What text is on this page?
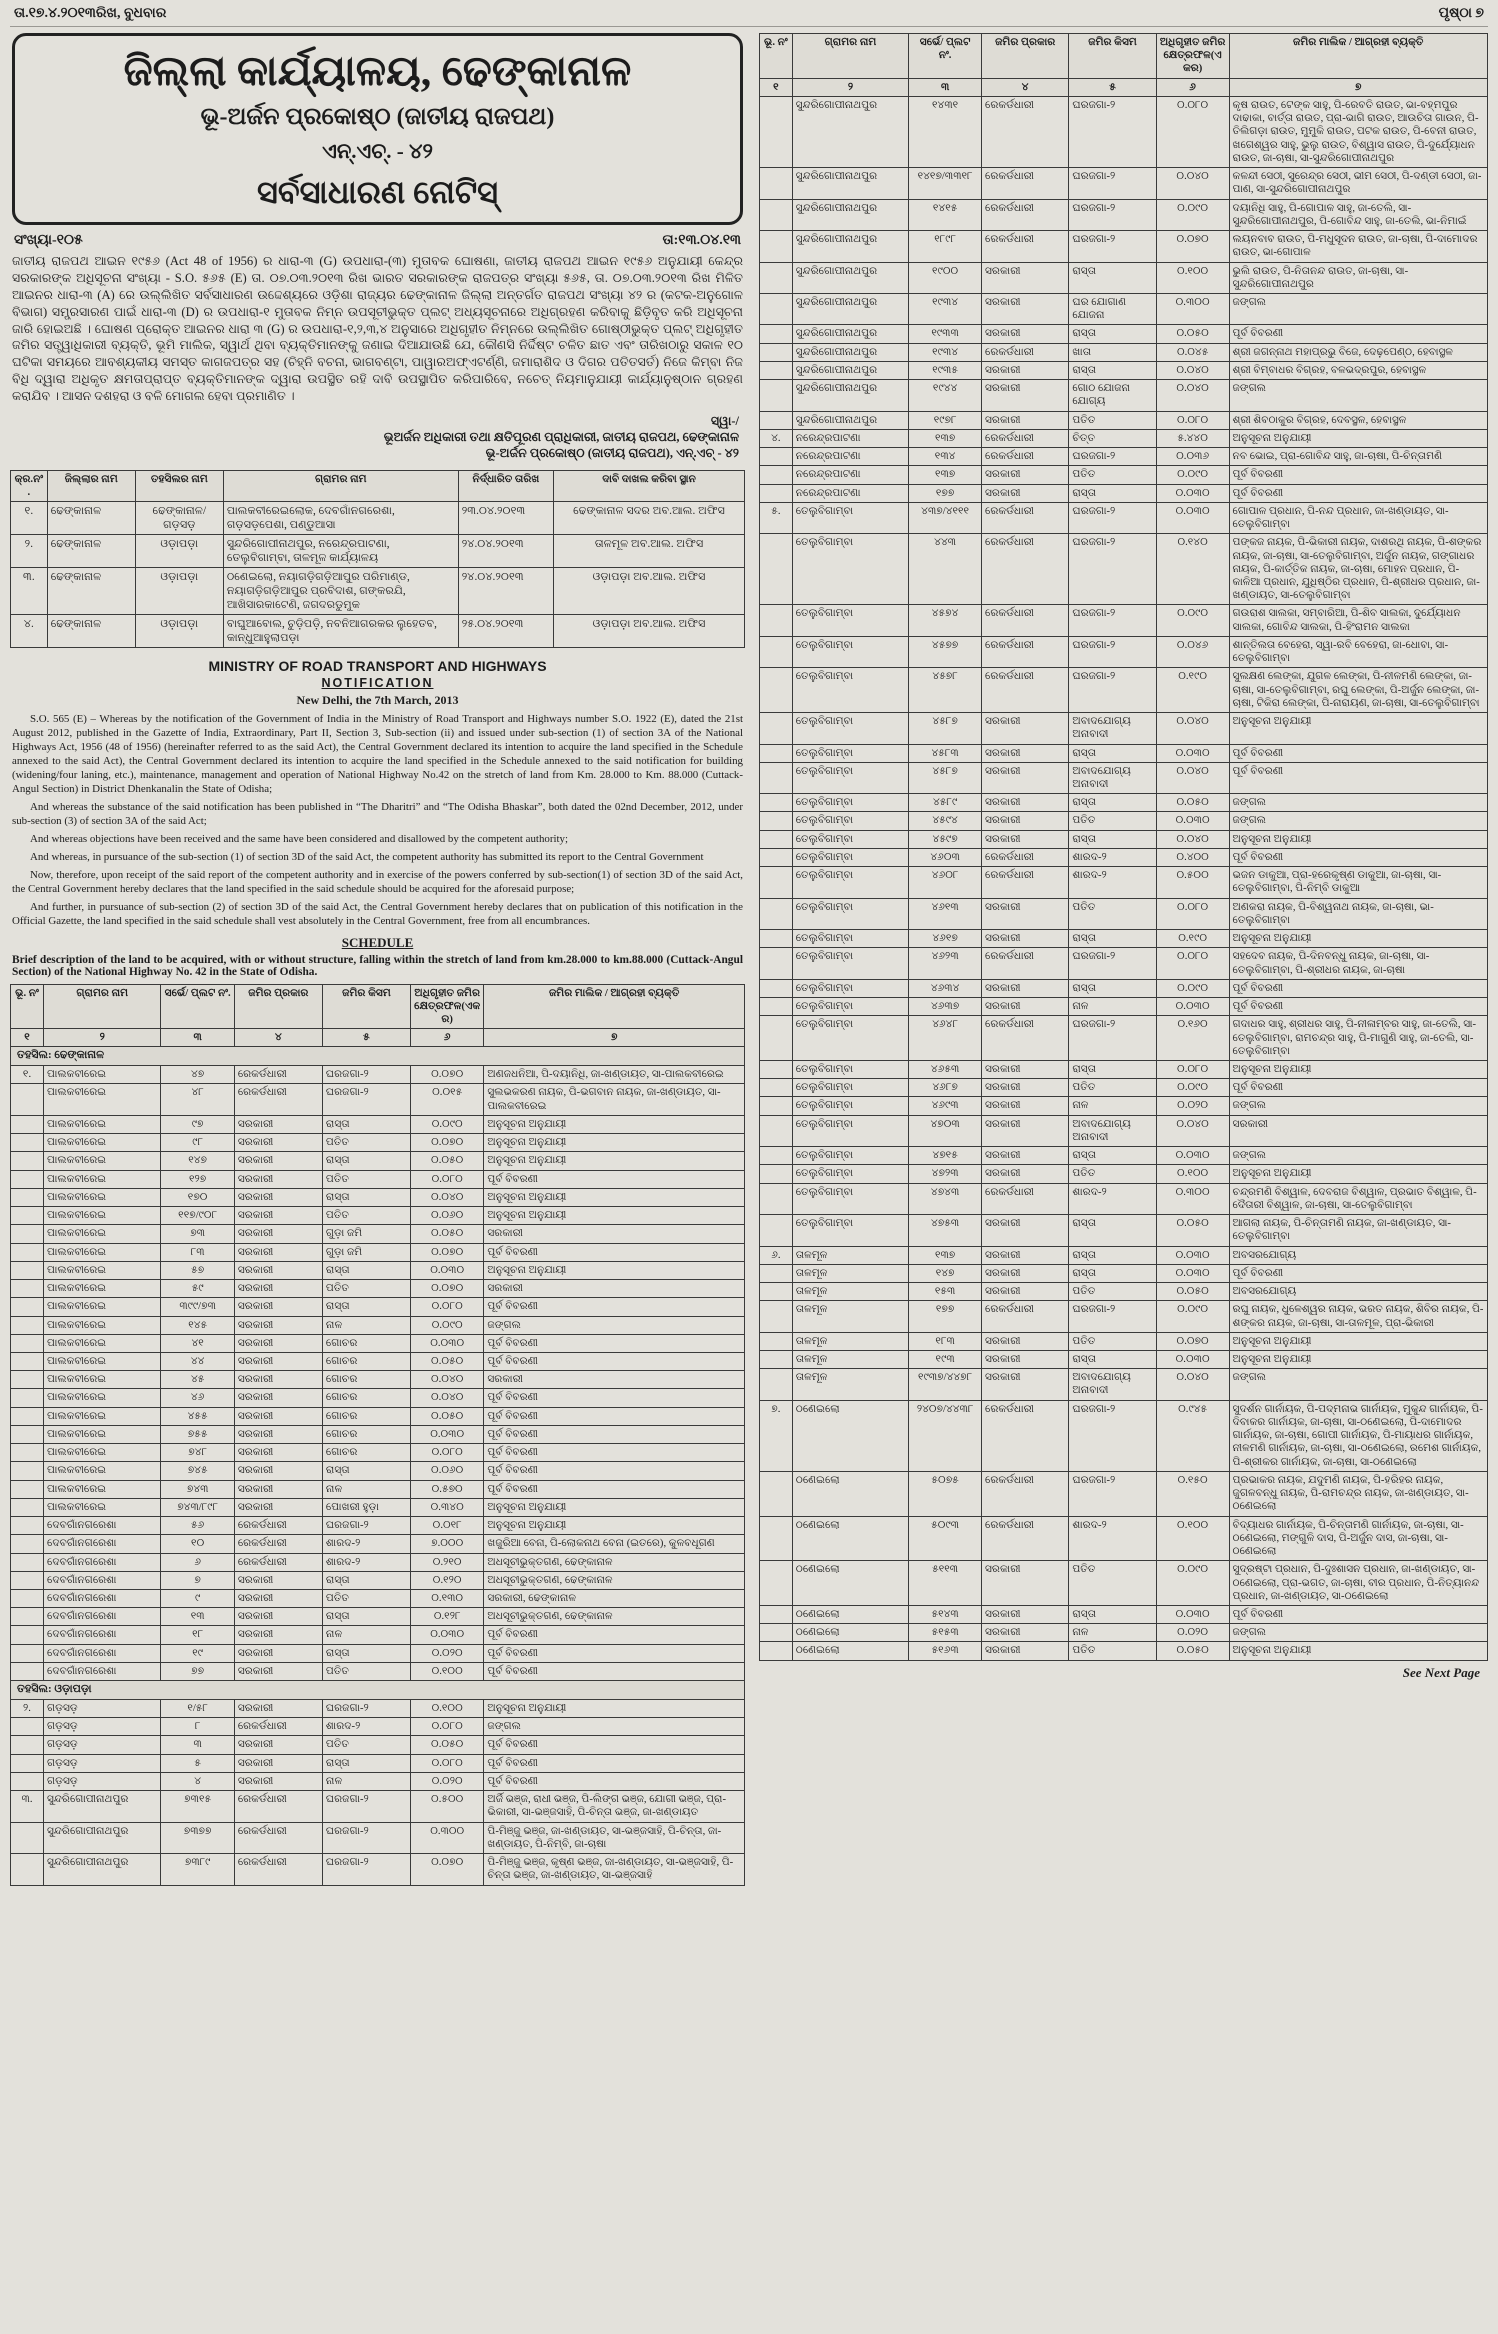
ତା.୧୭.୪.୨୦୧୩ରିଖ, ବୁଧବାର	ପୃଷ୍ଠା ୭
ଜିଲ୍ଲା କାର୍ଯ୍ୟାଳୟ, ଢେଙ୍କାନାଳ
ଭୂ-ଅର୍ଜନ ପ୍ରକୋଷ୍ଠ (ଜାତୀୟ ରାଜପଥ)
ଏନ୍.ଏଚ୍. - ୪୨
ସର୍ବସାଧାରଣ ନୋଟିସ୍
ସଂଖ୍ୟା-୧୦୫	ତା:୧୩.୦୪.୧୩

ଜାତୀୟ ରାଜପଥ ଆଇନ ୧୯୫୬ (Act 48 of 1956) ର ଧାରା-୩ (G) ଉପଧାରା-(୩) ମୁତାବକ ଘୋଷଣା, ଜାତୀୟ ରାଜପଥ ଆଇନ ୧୯୫୬ ଅନୁଯାୟୀ କେନ୍ଦ୍ର ସରକାରଙ୍କ ଅଧିସୂଚନା ସଂଖ୍ୟା - S.O. ୫୬୫ (E) ତା. ୦୭.୦୩.୨୦୧୩ ରିଖ ଭାରତ ସରକାରଙ୍କ ରାଜପତ୍ର ସଂଖ୍ୟା ୫୬୫, ତା. ୦୭.୦୩.୨୦୧୩ ରିଖ ମିଳିତ ଆଇନର ଧାରା-୩ (A) ରେ ଉଲ୍ଲିଖିତ ସର୍ବସାଧାରଣ ଉଦ୍ଦେଶ୍ୟରେ ଓଡ଼ିଶା ରାଜ୍ୟର ଢେଙ୍କାନାଳ ଜିଲ୍ଲା ଅନ୍ତର୍ଗତ ରାଜପଥ ସଂଖ୍ୟା ୪୨ ର (କଟକ-ଅନୁଗୋଳ ବିଭାଗ) ସମ୍ପ୍ରସାରଣ ପାଇଁ ଧାରା-୩ (D) ର ଉପଧାରା-୧ ମୁତାବକ ନିମ୍ନ ଉପସୂଚୀଭୁକ୍ତ ପ୍ଲଟ୍ ଅଧ୍ୟସୂଚନାରେ ଅଧିଗ୍ରହଣ କରିବାକୁ ଛିଡ଼ିବୃତ କରି ଅଧିସୂଚନା ଜାରି ହୋଇଅଛି । ଘୋଷଣ ପ୍ରୋକ୍ତ ଆଇନର ଧାରା ୩ (G) ର ଉପଧାରା-୧,୨,୩,୪ ଅନୁସାରେ ଅଧିଗୃହୀତ ନିମ୍ନରେ ଉଲ୍ଲିଖିତ ଗୋଷ୍ଠୀଭୁକ୍ତ ପ୍ଲଟ୍ ଅଧିଗୃହୀତ ଜମିର ସତ୍ତ୍ୱାଧିକାରୀ ବ୍ୟକ୍ତି, ଭୂମି ମାଲିକ, ସ୍ୱାର୍ଥ ଥିବା ବ୍ୟକ୍ତିମାନଙ୍କୁ ଜଣାଇ ଦିଆଯାଉଛି ଯେ, କୌଣସି ନିର୍ଦ୍ଦିଷ୍ଟ ଚଳିତ ଛାତ ଏବଂ ତାରିଖଠାରୁ ସକାଳ ୧୦ ଘଟିକା ସମୟରେ ଆବଶ୍ୟକୀୟ ସମସ୍ତ କାଗଜପତ୍ର ସହ (ଚିହ୍ନି ବଚନା, ଭାଗବଣ୍ଟା, ପାୱାରଅଫ୍‌ଏଟର୍ଣ୍ଣି, ଜମାରାଶିଦ ଓ ଦିଗର ପତିତସର୍ତ) ନିଜେ କିମ୍ବା ନିଜ ବିଧି ଦ୍ୱାରା ଅଧିକୃତ କ୍ଷମତାପ୍ରାପ୍ତ ବ୍ୟକ୍ତିମାନଙ୍କ ଦ୍ୱାରା ଉପସ୍ଥିତ ରହି ଦାବି ଉପସ୍ଥାପିତ କରିପାରିବେ, ନଚେତ୍ ନିୟମାନୁଯାୟୀ କାର୍ଯ୍ୟାନୁଷ୍ଠାନ ଗ୍ରହଣ କରାଯିବ । ଆସନ ଦଶହରା ଓ ବଳି ମୋଗଲ ହେବା ପ୍ରମାଣିତ ।

ସ୍ୱା-/
ଭୂଅର୍ଜନ ଅଧିକାରୀ ତଥା କ୍ଷତିପୂରଣ ପ୍ରାଧିକାରୀ, ଜାତୀୟ ରାଜପଥ, ଢେଙ୍କାନାଳ
ଭୂ-ଅର୍ଜନ ପ୍ରକୋଷ୍ଠ (ଜାତୀୟ ରାଜପଥ), ଏନ୍.ଏଚ୍ - ୪୨
କ୍ର.ନଂ.	ଜିଲ୍ଲାର ନାମ	ତହସିଲର ନାମ	ଗ୍ରାମର ନାମ	ନିର୍ଦ୍ଧାରିତ ତାରିଖ	ଦାବି ଦାଖଲ କରିବା ସ୍ଥାନ
୧.	ଢେଙ୍କାନାଳ	ଢେଙ୍କାନାଳ/ ଗଡ଼ସଡ଼	ପାଲକବୀରେଇଲୋକ, ଦେବଗାଁନଗରେଶା, ଗଡ଼ସଡ଼ପେଶା, ପଣ୍ଡୁଆସା	୨୩.୦୪.୨୦୧୩	ଢେଙ୍କାନାଳ ସଦର ଅବ.ଆଲ. ଅଫିସ
୨.	ଢେଙ୍କାନାଳ	ଓଡ଼ାପଡ଼ା	ସୁନ୍ଦରିଗୋପୀନାଥପୁର, ନରେନ୍ଦ୍ରପାଟଣା, ତେଲୁବିଗାମ୍ବା, ତାଳମୂଳ କାର୍ଯ୍ୟାଳୟ	୨୪.୦୪.୨୦୧୩	ତାଳମୂଳ ଅବ.ଆଲ. ଅଫିସ
୩.	ଢେଙ୍କାନାଳ	ଓଡ଼ାପଡ଼ା	ଠଣେଇଲୋ, ନୟାଗଡ଼ିଗଡ଼ିଆପୁର ପରିମାଣ୍ଡ, ନୟାଗଡ଼ିଗଡ଼ିଆପୁର ପ୍ରବିଦାଶ, ଗଙ୍କରଯି, ଆଖିସାରକାଟେଣି, ଜଗଦରଡୁମୁକ	୨୪.୦୪.୨୦୧୩	ଓଡ଼ାପଡ଼ା ଅବ.ଆଲ. ଅଫିସ
୪.	ଢେଙ୍କାନାଳ	ଓଡ଼ାପଡ଼ା	ବାଘୁଆବୋଲ, ଚୁଡ଼ିପଡ଼ି, ନବନିଆଗରକର ଲୁହେତବ, କାନ୍ଧୁଆହୁଲାପଡ଼ା	୨୫.୦୪.୨୦୧୩	ଓଡ଼ାପଡ଼ା ଅବ.ଆଲ. ଅଫିସ
MINISTRY OF ROAD TRANSPORT AND HIGHWAYS
NOTIFICATION
New Delhi, the 7th March, 2013

S.O. 565 (E) – Whereas by the notification of the Government of India in the Ministry of Road Transport and Highways number S.O. 1922 (E), dated the 21st August 2012, published in the Gazette of India, Extraordinary, Part II, Section 3, Sub-section (ii) and issued under sub-section (1) of section 3A of the National Highways Act, 1956 (48 of 1956) (hereinafter referred to as the said Act), the Central Government declared its intention to acquire the land specified in the Schedule annexed to the said Act), the Central Government declared its intention to acquire the land specified in the Schedule annexed to the said notification for building (widening/four laning, etc.), maintenance, management and operation of National Highway No.42 on the stretch of land from Km. 28.000 to Km. 88.000 (Cuttack-Angul Section) in District Dhenkanalin the State of Odisha;

And whereas the substance of the said notification has been published in “The Dharitri” and “The Odisha Bhaskar”, both dated the 02nd December, 2012, under sub-section (3) of section 3A of the said Act;

And whereas objections have been received and the same have been considered and disallowed by the competent authority;

And whereas, in pursuance of the sub-section (1) of section 3D of the said Act, the competent authority has submitted its report to the Central Government

Now, therefore, upon receipt of the said report of the competent authority and in exercise of the powers conferred by sub-section(1) of section 3D of the said Act, the Central Government hereby declares that the land specified in the said schedule should be acquired for the aforesaid purpose;

And further, in pursuance of sub-section (2) of section 3D of the said Act, the Central Government hereby declares that on publication of this notification in the Official Gazette, the land specified in the said schedule shall vest absolutely in the Central Government, free from all encumbrances.

SCHEDULE
Brief description of the land to be acquired, with or without structure, falling within the stretch of land from km.28.000 to km.88.000 (Cuttack-Angul Section) of the National Highway No. 42 in the State of Odisha.
ଭୂ. ନଂ	ଗ୍ରାମର ନାମ	ସର୍ଭେ/ ପ୍ଲଟ ନଂ.	ଜମିର ପ୍ରକାର	ଜମିର କିସମ	ଅଧିଗୃହୀତ ଜମିର କ୍ଷେତ୍ରଫଳ(ଏକର)	ଜମିର ମାଲିକ / ଆଗ୍ରହୀ ବ୍ୟକ୍ତି
୧	୨	୩	୪	୫	୬	୭
ତହସିଲ: ଢେଙ୍କାନାଳ						
୧.	ପାଲକବୀରେଇ	୪୭	ରେକର୍ଡଧାରୀ	ଘରଜଗା-୨	୦.୦୭୦	ଅଣଜଧନିଆ, ପି-ଦୟାନିଧି, ଜା-ଖଣ୍ଡାୟତ, ସା-ପାଲକବୀରେଇ
	ପାଲକବୀରେଇ	୪୮	ରେକର୍ଡଧାରୀ	ଘରଜଗା-୨	୦.୦୧୫	ସୁଲଭକରଣ ନାୟକ, ପି-ଭଗବାନ ନାୟକ, ଜା-ଖଣ୍ଡାୟତ, ସା-ପାଲକବୀରେଇ
	ପାଲକବୀରେଇ	୯୭	ସରକାରୀ	ରାସ୍ତା	୦.୦୯୦	ଅନୁସୂଚନା ଅନୁଯାୟୀ
	ପାଲକବୀରେଇ	୯୮	ସରକାରୀ	ପତିତ	୦.୦୭୦	ଅନୁସୂଚନା ଅନୁଯାୟୀ
	ପାଲକବୀରେଇ	୧୪୭	ସରକାରୀ	ରାସ୍ତା	୦.୦୫୦	ଅନୁସୂଚନା ଅନୁଯାୟୀ
	ପାଲକବୀରେଇ	୧୨୭	ସରକାରୀ	ପତିତ	୦.୦୮୦	ପୂର୍ବ ବିବରଣୀ
	ପାଲକବୀରେଇ	୧୭୦	ସରକାରୀ	ରାସ୍ତା	୦.୦୪୦	ଅନୁସୂଚନା ଅନୁଯାୟୀ
	ପାଲକବୀରେଇ	୧୧୭/୯୦୮	ସରକାରୀ	ପତିତ	୦.୦୬୦	ଅନୁସୂଚନା ଅନୁଯାୟୀ
	ପାଲକବୀରେଇ	୭୩	ସରକାରୀ	ଗୁଡ଼ା ଜମି	୦.୦୫୦	ସରକାରୀ
	ପାଲକବୀରେଇ	୮୩	ସରକାରୀ	ଗୁଡ଼ା ଜମି	୦.୦୭୦	ପୂର୍ବ ବିବରଣୀ
	ପାଲକବୀରେଇ	୫୭	ସରକାରୀ	ରାସ୍ତା	୦.୦୩୦	ଅନୁସୂଚନା ଅନୁଯାୟୀ
	ପାଲକବୀରେଇ	୫୯	ସରକାରୀ	ପତିତ	୦.୦୭୦	ସରକାରୀ
	ପାଲକବୀରେଇ	୩୯୯/୭୩	ସରକାରୀ	ରାସ୍ତା	୦.୦୮୦	ପୂର୍ବ ବିବରଣୀ
	ପାଲକବୀରେଇ	୧୪୫	ସରକାରୀ	ନାଳ	୦.୦୯୦	ଜଙ୍ଗଲ
	ପାଲକବୀରେଇ	୪୧	ସରକାରୀ	ଗୋଚର	୦.୦୩୦	ପୂର୍ବ ବିବରଣୀ
	ପାଲକବୀରେଇ	୪୪	ସରକାରୀ	ଗୋଚର	୦.୦୫୦	ପୂର୍ବ ବିବରଣୀ
	ପାଲକବୀରେଇ	୪୫	ସରକାରୀ	ଗୋଚର	୦.୦୪୦	ସରକାରୀ
	ପାଲକବୀରେଇ	୪୬	ସରକାରୀ	ଗୋଚର	୦.୦୪୦	ପୂର୍ବ ବିବରଣୀ
	ପାଲକବୀରେଇ	୪୫୫	ସରକାରୀ	ଗୋଚର	୦.୦୫୦	ପୂର୍ବ ବିବରଣୀ
	ପାଲକବୀରେଇ	୭୫୫	ସରକାରୀ	ଗୋଚର	୦.୦୩୦	ପୂର୍ବ ବିବରଣୀ
	ପାଲକବୀରେଇ	୭୪୮	ସରକାରୀ	ଗୋଚର	୦.୦୮୦	ପୂର୍ବ ବିବରଣୀ
	ପାଲକବୀରେଇ	୭୪୫	ସରକାରୀ	ରାସ୍ତା	୦.୦୬୦	ପୂର୍ବ ବିବରଣୀ
	ପାଲକବୀରେଇ	୭୪୩	ସରକାରୀ	ନାଳ	୦.୫୭୦	ପୂର୍ବ ବିବରଣୀ
	ପାଲକବୀରେଇ	୭୪୩/୮୯୮	ସରକାରୀ	ପୋଖରୀ ହୁଡ଼ା	୦.୩୪୦	ଅନୁସୂଚନା ଅନୁଯାୟୀ
	ଦେବଗାଁନଗରେଶା	୫୬	ରେକର୍ଡଧାରୀ	ଘରଜଗା-୨	୦.୦୧୮	ଅନୁସୂଚନା ଅନୁଯାୟୀ
	ଦେବଗାଁନଗରେଶା	୧୦	ରେକର୍ଡଧାରୀ	ଶାରଦ-୨	୭.୦୦୦	ଖଜୁରିଆ ବେନା, ପି-ଲୋକନାଥ ବେନା (ଇତରେ), କୁଳବଧୂଗଣ
	ଦେବଗାଁନଗରେଶା	୬	ରେକର୍ଡଧାରୀ	ଶାରଦ-୨	୦.୨୧୦	ଅଧସୂଚୀଭୁକ୍ତଗଣ, ଢେଙ୍କାନାଳ
	ଦେବଗାଁନଗରେଶା	୭	ସରକାରୀ	ରାସ୍ତା	୦.୧୨୦	ଅଧସୂଚୀଭୁକ୍ତଗଣ, ଢେଙ୍କାନାଳ
	ଦେବଗାଁନଗରେଶା	୯	ସରକାରୀ	ପତିତ	୦.୧୩୦	ସରକାରୀ, ଢେଙ୍କାନାଳ
	ଦେବଗାଁନଗରେଶା	୧୩	ସରକାରୀ	ରାସ୍ତା	୦.୧୨୮	ଅଧସୂଚୀଭୁକ୍ତଗଣ, ଢେଙ୍କାନାଳ
	ଦେବଗାଁନଗରେଶା	୧୮	ସରକାରୀ	ନାଳ	୦.୦୩୦	ପୂର୍ବ ବିବରଣୀ
	ଦେବଗାଁନଗରେଶା	୧୯	ସରକାରୀ	ରାସ୍ତା	୦.୦୨୦	ପୂର୍ବ ବିବରଣୀ
	ଦେବଗାଁନଗରେଶା	୭୭	ସରକାରୀ	ପତିତ	୦.୧୦୦	ପୂର୍ବ ବିବରଣୀ
ତହସିଲ: ଓଡ଼ାପଡ଼ା						
୨.	ଗଡ଼ସଡ଼	୧/୫୮	ସରକାରୀ	ଘରଜଗା-୨	୦.୧୦୦	ଅନୁସୂଚନା ଅନୁଯାୟୀ
	ଗଡ଼ସଡ଼	୮	ରେକର୍ଡଧାରୀ	ଶାରଦ-୨	୦.୦୮୦	ଜଙ୍ଗଲ
	ଗଡ଼ସଡ଼	୩	ସରକାରୀ	ପତିତ	୦.୦୫୦	ପୂର୍ବ ବିବରଣୀ
	ଗଡ଼ସଡ଼	୫	ସରକାରୀ	ରାସ୍ତା	୦.୦୮୦	ପୂର୍ବ ବିବରଣୀ
	ଗଡ଼ସଡ଼	୪	ସରକାରୀ	ନାଳ	୦.୦୨୦	ପୂର୍ବ ବିବରଣୀ
୩.	ସୁନ୍ଦରିଗୋପୀନାଥପୁର	୭୩୧୫	ରେକର୍ଡଧାରୀ	ଘରଜଗା-୨	୦.୫୦୦	ଅର୍ଜି ଭଞ୍ଜ, ରାଧୀ ଭଞ୍ଜ, ପି-ଲିଙ୍ଗ ଭଞ୍ଜ, ଯୋଗୀ ଭଞ୍ଜ, ପ୍ରା-ଭିକାରୀ, ସା-ଭଞ୍ଜସାହି, ପି-ଚିନ୍ତା ଭଞ୍ଜ, ଜା-ଖଣ୍ଡାୟତ
	ସୁନ୍ଦରିଗୋପୀନାଥପୁର	୭୩୭୭	ରେକର୍ଡଧାରୀ	ଘରଜଗା-୨	୦.୩୦୦	ପି-ମିଞ୍ଜୁ ଭଞ୍ଜ, ଜା-ଖଣ୍ଡାୟତ, ସା-ଭଞ୍ଜସାହି, ପି-ଚିନ୍ତା, ଜା-ଖଣ୍ଡାୟତ, ପି-ନିମ୍ବି, ଜା-ଚାଷା
	ସୁନ୍ଦରିଗୋପୀନାଥପୁର	୭୩୮୯	ରେକର୍ଡଧାରୀ	ଘରଜଗା-୨	୦.୦୭୦	ପି-ମିଞ୍ଜୁ ଭଞ୍ଜ, କୃଷ୍ଣ ଭଞ୍ଜ, ଜା-ଖଣ୍ଡାୟତ, ସା-ଭଞ୍ଜସାହି, ପି-ଚିନ୍ତା ଭଞ୍ଜ, ଜା-ଖଣ୍ଡାୟତ, ସା-ଭଞ୍ଜସାହି
ଭୂ. ନଂ	ଗ୍ରାମର ନାମ	ସର୍ଭେ/ ପ୍ଲଟ ନଂ.	ଜମିର ପ୍ରକାର	ଜମିର କିସମ	ଅଧିଗୃହୀତ ଜମିର କ୍ଷେତ୍ରଫଳ(ଏକର)	ଜମିର ମାଲିକ / ଆଗ୍ରହୀ ବ୍ୟକ୍ତି
୧	୨	୩	୪	୫	୬	୭
	ସୁନ୍ଦରିଗୋପୀନାଥପୁର	୧୪୩୧	ରେକର୍ଡଧାରୀ	ଘରଜଗା-୨	୦.୦୮୦	କୃଷ ରାଉତ, ଟେଙ୍କ ସାହୁ, ପି-ରେବତି ରାଉତ, ଭା-ବହ୍ମପୁର ଦାଢାକା, ବାର୍ତ୍ତା ରାଉତ, ପ୍ରା-ଭାଗି ରାଉତ, ଆଉଚିତା ଗାଉନ, ପି-ତିଲିଗଡ଼ା ରାଉତ, ମୁମୁକି ରାଉତ, ପଟକ ରାଉତ, ପି-ବେନୀ ରାଉତ, ଖଗେଶ୍ୱର ସାହୁ, ଭୁଲୁ ରାଉତ, ବିଶ୍ୱାସ ରାଉତ, ପି-ଦୁର୍ଯ୍ୟୋଧନ ରାଉତ, ଜା-ଚାଷା, ସା-ସୁନ୍ଦରିଗୋପୀନାଥପୁର
	ସୁନ୍ଦରିଗୋପୀନାଥପୁର	୧୪୧୭/୩୩୧୮	ରେକର୍ଡଧାରୀ	ଘରଜଗା-୨	୦.୦୪୦	କଳନ୍ଦୀ ସେଠୀ, ସୁରେନ୍ଦ୍ର ସେଠୀ, ଭୀମ ସେଠୀ, ପି-ଦଣ୍ଡୀ ସେଠୀ, ଜା-ପାଣ, ସା-ସୁନ୍ଦରିଗୋପୀନାଥପୁର
	ସୁନ୍ଦରିଗୋପୀନାଥପୁର	୧୪୧୫	ରେକର୍ଡଧାରୀ	ଘରଜଗା-୨	୦.୦୯୦	ଦୟାନିଧି ସାହୁ, ପି-ଗୋପାଳ ସାହୁ, ଜା-ତେଲି, ସା-ସୁନ୍ଦରିଗୋପୀନାଥପୁର, ପି-ଗୋବିନ୍ଦ ସାହୁ, ଜା-ତେଲି, ଭା-ନିମାଇଁ
	ସୁନ୍ଦରିଗୋପୀନାଥପୁର	୧୮୯୮	ରେକର୍ଡଧାରୀ	ଘରଜଗା-୨	୦.୦୭୦	ଲୟନବାବ ରାଉତ, ପି-ମଧୁସୂଦନ ରାଉତ, ଜା-ଚାଷା, ପି-ଦାମୋଦର ରାଉତ, ଭା-ଗୋପାଳ
	ସୁନ୍ଦରିଗୋପୀନାଥପୁର	୧୯୦୦	ସରକାରୀ	ରାସ୍ତା	୦.୧୦୦	ଭୁଲି ରାଉତ, ପି-ନିତାନନ୍ଦ ରାଉତ, ଜା-ଚାଷା, ସା-ସୁନ୍ଦରିଗୋପୀନାଥପୁର
	ସୁନ୍ଦରିଗୋପୀନାଥପୁର	୧୯୩୪	ସରକାରୀ	ଘର ଯୋଗାଣ ଯୋଜନା	୦.୩୦୦	ଜଙ୍ଗଲ
	ସୁନ୍ଦରିଗୋପୀନାଥପୁର	୧୯୩୩	ସରକାରୀ	ରାସ୍ତା	୦.୦୫୦	ପୂର୍ବ ବିବରଣୀ
	ସୁନ୍ଦରିଗୋପୀନାଥପୁର	୧୯୩୪	ରେକର୍ଡଧାରୀ	ଖାତା	୦.୦୪୫	ଶ୍ରୀ ଜଗନ୍ନାଥ ମହାପ୍ରଭୁ ବିଜେ, ଦେଢ଼ପେଣ୍ଠ, ହେବାସ୍ଥଳ
	ସୁନ୍ଦରିଗୋପୀନାଥପୁର	୧୯୩୫	ସରକାରୀ	ରାସ୍ତା	୦.୦୪୦	ଶ୍ରୀ ବିମ୍ବାଧର ବିଗ୍ରହ, ବଳଭଦ୍ରପୁର, ହେବାସ୍ଥଳ
	ସୁନ୍ଦରିଗୋପୀନାଥପୁର	୧୯୪୪	ସରକାରୀ	ଗୋଠ ଯୋଜନା ଯୋଗ୍ୟ	୦.୦୪୦	ଜଙ୍ଗଲ
	ସୁନ୍ଦରିଗୋପୀନାଥପୁର	୧୯୭୮	ସରକାରୀ	ପତିତ	୦.୦୮୦	ଶ୍ରୀ ଶିବଠାକୁର ବିଗ୍ରହ, ଦେବସ୍ଥଳ, ହେବାସ୍ଥଳ
୪.	ନରେନ୍ଦ୍ରପାଟଣା	୧୩୭	ରେକର୍ଡଧାରୀ	ଚିତ୍ତ	୫.୪୪୦	ଅନୁସୂଚନା ଅନୁଯାୟୀ
	ନରେନ୍ଦ୍ରପାଟଣା	୧୩୪	ରେକର୍ଡଧାରୀ	ଘରଜଗା-୨	୦.୦୩୬	ନବ ଭୋଇ, ପ୍ରା-ଗୋବିନ୍ଦ ସାହୁ, ଜା-ଚାଷା, ପି-ଚିନ୍ତାମଣି
	ନରେନ୍ଦ୍ରପାଟଣା	୧୩୭	ସରକାରୀ	ପତିତ	୦.୦୯୦	ପୂର୍ବ ବିବରଣୀ
	ନରେନ୍ଦ୍ରପାଟଣା	୧୭୭	ସରକାରୀ	ରାସ୍ତା	୦.୦୩୦	ପୂର୍ବ ବିବରଣୀ
୫.	ତେଲୁବିଗାମ୍ବା	୪୩୭/୪୧୧୧	ରେକର୍ଡଧାରୀ	ଘରଜଗା-୨	୦.୦୩୦	ଗୋପାଳ ପ୍ରଧାନ, ପି-ନନ୍ଦ ପ୍ରଧାନ, ଜା-ଖଣ୍ଡାୟତ, ସା-ତେଲୁବିଗାମ୍ବା
	ତେଲୁବିଗାମ୍ବା	୪୪୩	ରେକର୍ଡଧାରୀ	ଘରଜଗା-୨	୦.୧୪୦	ପଙ୍କଜ ନାୟକ, ପି-ଭିକାରୀ ନାୟକ, ଦାଶରଥି ନାୟକ, ପି-ଶଙ୍କର ନାୟକ, ଜା-ଚାଷା, ସା-ତେଲୁବିଗାମ୍ବା, ଅର୍ଜୁନ ନାୟକ, ଗଙ୍ଗାଧର ନାୟକ, ପି-କାର୍ତ୍ତିକ ନାୟକ, ଜା-ଚାଷା, ମୋହନ ପ୍ରଧାନ, ପି-କାଳିଆ ପ୍ରଧାନ, ଯୁଧିଷ୍ଠିର ପ୍ରଧାନ, ପି-ଶ୍ରୀଧର ପ୍ରଧାନ, ଜା-ଖଣ୍ଡାୟତ, ସା-ତେଲୁବିଗାମ୍ବା
	ତେଲୁବିଗାମ୍ବା	୪୫୭୪	ରେକର୍ଡଧାରୀ	ଘରଜଗା-୨	୦.୦୯୦	ଗଉରାଶ ସାଲକା, ସମ୍ବାରିଆ, ପି-ଶିବ ସାଲକା, ଦୁର୍ଯ୍ୟୋଧନ ସାଲକା, ଗୋବିନ୍ଦ ସାଲକା, ପି-ହିଂରାମନ ସାଲକା
	ତେଲୁବିଗାମ୍ବା	୪୫୭୭	ରେକର୍ଡଧାରୀ	ଘରଜଗା-୨	୦.୦୪୬	ଶାନ୍ତିଲତା ବେହେରା, ସ୍ୱା-ରବି ବେହେରା, ଜା-ଧୋବା, ସା-ତେଲୁବିଗାମ୍ବା
	ତେଲୁବିଗାମ୍ବା	୪୫୭୮	ରେକର୍ଡଧାରୀ	ଘରଜଗା-୨	୦.୧୯୦	ସୁଲକ୍ଷଣ ଲେଙ୍କା, ଯୁଗଳ ଲେଙ୍କା, ପି-ନୀଳମଣି ଲେଙ୍କା, ଜା-ଚାଷା, ସା-ତେଲୁବିଗାମ୍ବା, ରଘୁ ଲେଙ୍କା, ପି-ଅର୍ଜୁନ ଲେଙ୍କା, ଜା-ଚାଷା, ଟିକିରା ଲେଙ୍କା, ପି-ନାରାୟଣ, ଜା-ଚାଷା, ସା-ତେଲୁବିଗାମ୍ବା
	ତେଲୁବିଗାମ୍ବା	୪୫୮୭	ସରକାରୀ	ଅବାଦଯୋଗ୍ୟ ଅନାବାଦୀ	୦.୦୪୦	ଅନୁସୂଚନା ଅନୁଯାୟୀ
	ତେଲୁବିଗାମ୍ବା	୪୫୮୩	ସରକାରୀ	ରାସ୍ତା	୦.୦୩୦	ପୂର୍ବ ବିବରଣୀ
	ତେଲୁବିଗାମ୍ବା	୪୫୮୭	ସରକାରୀ	ଅବାଦଯୋଗ୍ୟ ଅନାବାଦୀ	୦.୦୪୦	ପୂର୍ବ ବିବରଣୀ
	ତେଲୁବିଗାମ୍ବା	୪୫୮୯	ସରକାରୀ	ରାସ୍ତା	୦.୦୫୦	ଜଙ୍ଗଲ
	ତେଲୁବିଗାମ୍ବା	୪୫୯୪	ସରକାରୀ	ପତିତ	୦.୦୩୦	ଜଙ୍ଗଲ
	ତେଲୁବିଗାମ୍ବା	୪୫୯୭	ସରକାରୀ	ରାସ୍ତା	୦.୦୪୦	ଅନୁସୂଚନା ଅନୁଯାୟୀ
	ତେଲୁବିଗାମ୍ବା	୪୬୦୩	ରେକର୍ଡଧାରୀ	ଶାରଦ-୨	୦.୪୦୦	ପୂର୍ବ ବିବରଣୀ
	ତେଲୁବିଗାମ୍ବା	୪୬୦୮	ରେକର୍ଡଧାରୀ	ଶାରଦ-୨	୦.୫୦୦	ଭଜନ ଡାକୁଆ, ପ୍ରା-ହରେକୃଷ୍ଣ ଡାକୁଆ, ଜା-ଚାଷା, ସା-ତେଲୁବିଗାମ୍ବା, ପି-ନିମ୍ବି ଡାକୁଆ
	ତେଲୁବିଗାମ୍ବା	୪୬୧୩	ସରକାରୀ	ପତିତ	୦.୦୮୦	ଅଣକରା ନାୟକ, ପି-ବିଶ୍ୱନାଥ ନାୟକ, ଜା-ଚାଷା, ଭା-ତେଲୁବିଗାମ୍ବା
	ତେଲୁବିଗାମ୍ବା	୪୬୧୭	ସରକାରୀ	ରାସ୍ତା	୦.୧୯୦	ଅନୁସୂଚନା ଅନୁଯାୟୀ
	ତେଲୁବିଗାମ୍ବା	୪୬୨୩	ରେକର୍ଡଧାରୀ	ଘରଜଗା-୨	୦.୦୮୦	ସହଦେବ ନାୟକ, ପି-ଦିନବନ୍ଧୁ ନାୟକ, ଜା-ଚାଷା, ସା-ତେଲୁବିଗାମ୍ବା, ପି-ଶ୍ରୀଧର ନାୟକ, ଜା-ଚାଷା
	ତେଲୁବିଗାମ୍ବା	୪୬୩୪	ସରକାରୀ	ରାସ୍ତା	୦.୦୯୦	ପୂର୍ବ ବିବରଣୀ
	ତେଲୁବିଗାମ୍ବା	୪୬୩୭	ସରକାରୀ	ନାଳ	୦.୦୩୦	ପୂର୍ବ ବିବରଣୀ
	ତେଲୁବିଗାମ୍ବା	୪୬୪୮	ରେକର୍ଡଧାରୀ	ଘରଜଗା-୨	୦.୧୬୦	ଗଦାଧର ସାହୁ, ଶ୍ରୀଧର ସାହୁ, ପି-ନୀଳାମ୍ବର ସାହୁ, ଜା-ତେଲି, ସା-ତେଲୁବିଗାମ୍ବା, ରାମଚନ୍ଦ୍ର ସାହୁ, ପି-ମାଗୁଣି ସାହୁ, ଜା-ତେଲି, ସା-ତେଲୁବିଗାମ୍ବା
	ତେଲୁବିଗାମ୍ବା	୪୬୫୩	ସରକାରୀ	ରାସ୍ତା	୦.୦୮୦	ଅନୁସୂଚନା ଅନୁଯାୟୀ
	ତେଲୁବିଗାମ୍ବା	୪୬୮୭	ସରକାରୀ	ପତିତ	୦.୦୯୦	ପୂର୍ବ ବିବରଣୀ
	ତେଲୁବିଗାମ୍ବା	୪୬୯୩	ସରକାରୀ	ନାଳ	୦.୦୨୦	ଜଙ୍ଗଲ
	ତେଲୁବିଗାମ୍ବା	୪୭୦୩	ସରକାରୀ	ଅବାଦଯୋଗ୍ୟ ଅନାବାଦୀ	୦.୦୪୦	ସରକାରୀ
	ତେଲୁବିଗାମ୍ବା	୪୭୧୫	ସରକାରୀ	ରାସ୍ତା	୦.୦୩୦	ଜଙ୍ଗଲ
	ତେଲୁବିଗାମ୍ବା	୪୭୨୩	ସରକାରୀ	ପତିତ	୦.୧୦୦	ଅନୁସୂଚନା ଅନୁଯାୟୀ
	ତେଲୁବିଗାମ୍ବା	୪୭୪୩	ରେକର୍ଡଧାରୀ	ଶାରଦ-୨	୦.୩୦୦	ଚନ୍ଦ୍ରମଣି ବିଶ୍ୱାଳ, ଦେବରାଜ ବିଶ୍ୱାଳ, ପ୍ରଭାତ ବିଶ୍ୱାଳ, ପି-ଦୈତାରୀ ବିଶ୍ୱାଳ, ଜା-ଚାଷା, ସା-ତେଲୁବିଗାମ୍ବା
	ତେଲୁବିଗାମ୍ବା	୪୭୫୩	ସରକାରୀ	ରାସ୍ତା	୦.୦୫୦	ଆଗଲା ନାୟକ, ପି-ଚିନ୍ତାମଣି ନାୟକ, ଜା-ଖଣ୍ଡାୟତ, ସା-ତେଲୁବିଗାମ୍ବା
୬.	ତାଳମୂଳ	୧୩୭	ସରକାରୀ	ରାସ୍ତା	୦.୦୩୦	ଅବସରଯୋଗ୍ୟ
	ତାଳମୂଳ	୧୪୭	ସରକାରୀ	ରାସ୍ତା	୦.୦୩୦	ପୂର୍ବ ବିବରଣୀ
	ତାଳମୂଳ	୧୫୩	ସରକାରୀ	ପତିତ	୦.୦୫୦	ଅବସରଯୋଗ୍ୟ
	ତାଳମୂଳ	୧୭୭	ରେକର୍ଡଧାରୀ	ଘରଜଗା-୨	୦.୦୯୦	ରଘୁ ନାୟକ, ଧୁଳେଶ୍ୱର ନାୟକ, ଭରତ ନାୟକ, ଶିବିର ନାୟକ, ପି-ଶଙ୍କର ନାୟକ, ଜା-ଚାଷା, ସା-ତାଳମୂଳ, ପ୍ରା-ଭିକାରୀ
	ତାଳମୂଳ	୧୮୩	ସରକାରୀ	ପତିତ	୦.୦୭୦	ଅନୁସୂଚନା ଅନୁଯାୟୀ
	ତାଳମୂଳ	୧୯୩	ସରକାରୀ	ରାସ୍ତା	୦.୦୩୦	ଅନୁସୂଚନା ଅନୁଯାୟୀ
	ତାଳମୂଳ	୧୯୩୭/୪୪୭୮	ସରକାରୀ	ଅବାଦଯୋଗ୍ୟ ଅନାବାଦୀ	୦.୦୪୦	ଜଙ୍ଗଲ
୭.	ଠଣେଇଲୋ	୨୪୦୭/୪୪୩୮	ରେକର୍ଡଧାରୀ	ଘରଜଗା-୨	୦.୯୪୫	ସୁଦର୍ଶନ ଗାର୍ନାୟକ, ପି-ପଦ୍ମନାଭ ଗାର୍ନାୟକ, ମୁକୁନ୍ଦ ଗାର୍ନାୟକ, ପି-ଦିବାକର ଗାର୍ନାୟକ, ଜା-ଚାଷା, ସା-ଠଣେଇଲୋ, ପି-ଦାମୋଦର ଗାର୍ନାୟକ, ଜା-ଚାଷା, ଗୋପୀ ଗାର୍ନାୟକ, ପି-ମାୟାଧର ଗାର୍ନାୟକ, ନୀଳମଣି ଗାର୍ନାୟକ, ଜା-ଚାଷା, ସା-ଠଣେଇଲୋ, ରମେଶ ଗାର୍ନାୟକ, ପି-ଶ୍ରୀକର ଗାର୍ନାୟକ, ଜା-ଚାଷା, ସା-ଠଣେଇଲୋ
	ଠଣେଇଲୋ	୫୦୭୫	ରେକର୍ଡଧାରୀ	ଘରଜଗା-୨	୦.୧୫୦	ପ୍ରଭାକର ନାୟକ, ଯଦୁମଣି ନାୟକ, ପି-ହରିହର ନାୟକ, ଜୁଗଳବନ୍ଧୁ ନାୟକ, ପି-ରାମଚନ୍ଦ୍ର ନାୟକ, ଜା-ଖଣ୍ଡାୟତ, ସା-ଠଣେଇଲୋ
	ଠଣେଇଲୋ	୫୦୯୩	ରେକର୍ଡଧାରୀ	ଶାରଦ-୨	୦.୧୦୦	ବିଦ୍ୟାଧର ଗାର୍ନାୟକ, ପି-ଚିନ୍ତାମଣି ଗାର୍ନାୟକ, ଜା-ଚାଷା, ସା-ଠଣେଇଲୋ, ମଙ୍ଗୁଳି ଦାସ, ପି-ଅର୍ଜୁନ ଦାସ, ଜା-ଚାଷା, ସା-ଠଣେଇଲୋ
	ଠଣେଇଲୋ	୫୧୧୩	ସରକାରୀ	ପତିତ	୦.୦୯୦	ସୁଦ୍ରଷ୍ଟା ପ୍ରଧାନ, ପି-ଦୁଃଶାସନ ପ୍ରଧାନ, ଜା-ଖଣ୍ଡାୟତ, ସା-ଠଣେଇଲୋ, ପ୍ରା-ଭଗତ, ଜା-ଚାଷା, ବୀର ପ୍ରଧାନ, ପି-ନିତ୍ୟାନନ୍ଦ ପ୍ରଧାନ, ଜା-ଖଣ୍ଡାୟତ, ସା-ଠଣେଇଲୋ
	ଠଣେଇଲୋ	୫୧୪୩	ସରକାରୀ	ରାସ୍ତା	୦.୦୩୦	ପୂର୍ବ ବିବରଣୀ
	ଠଣେଇଲୋ	୫୧୫୩	ସରକାରୀ	ନାଳ	୦.୦୨୦	ଜଙ୍ଗଲ
	ଠଣେଇଲୋ	୫୧୬୩	ସରକାରୀ	ପତିତ	୦.୦୫୦	ଅନୁସୂଚନା ଅନୁଯାୟୀ
See Next Page
